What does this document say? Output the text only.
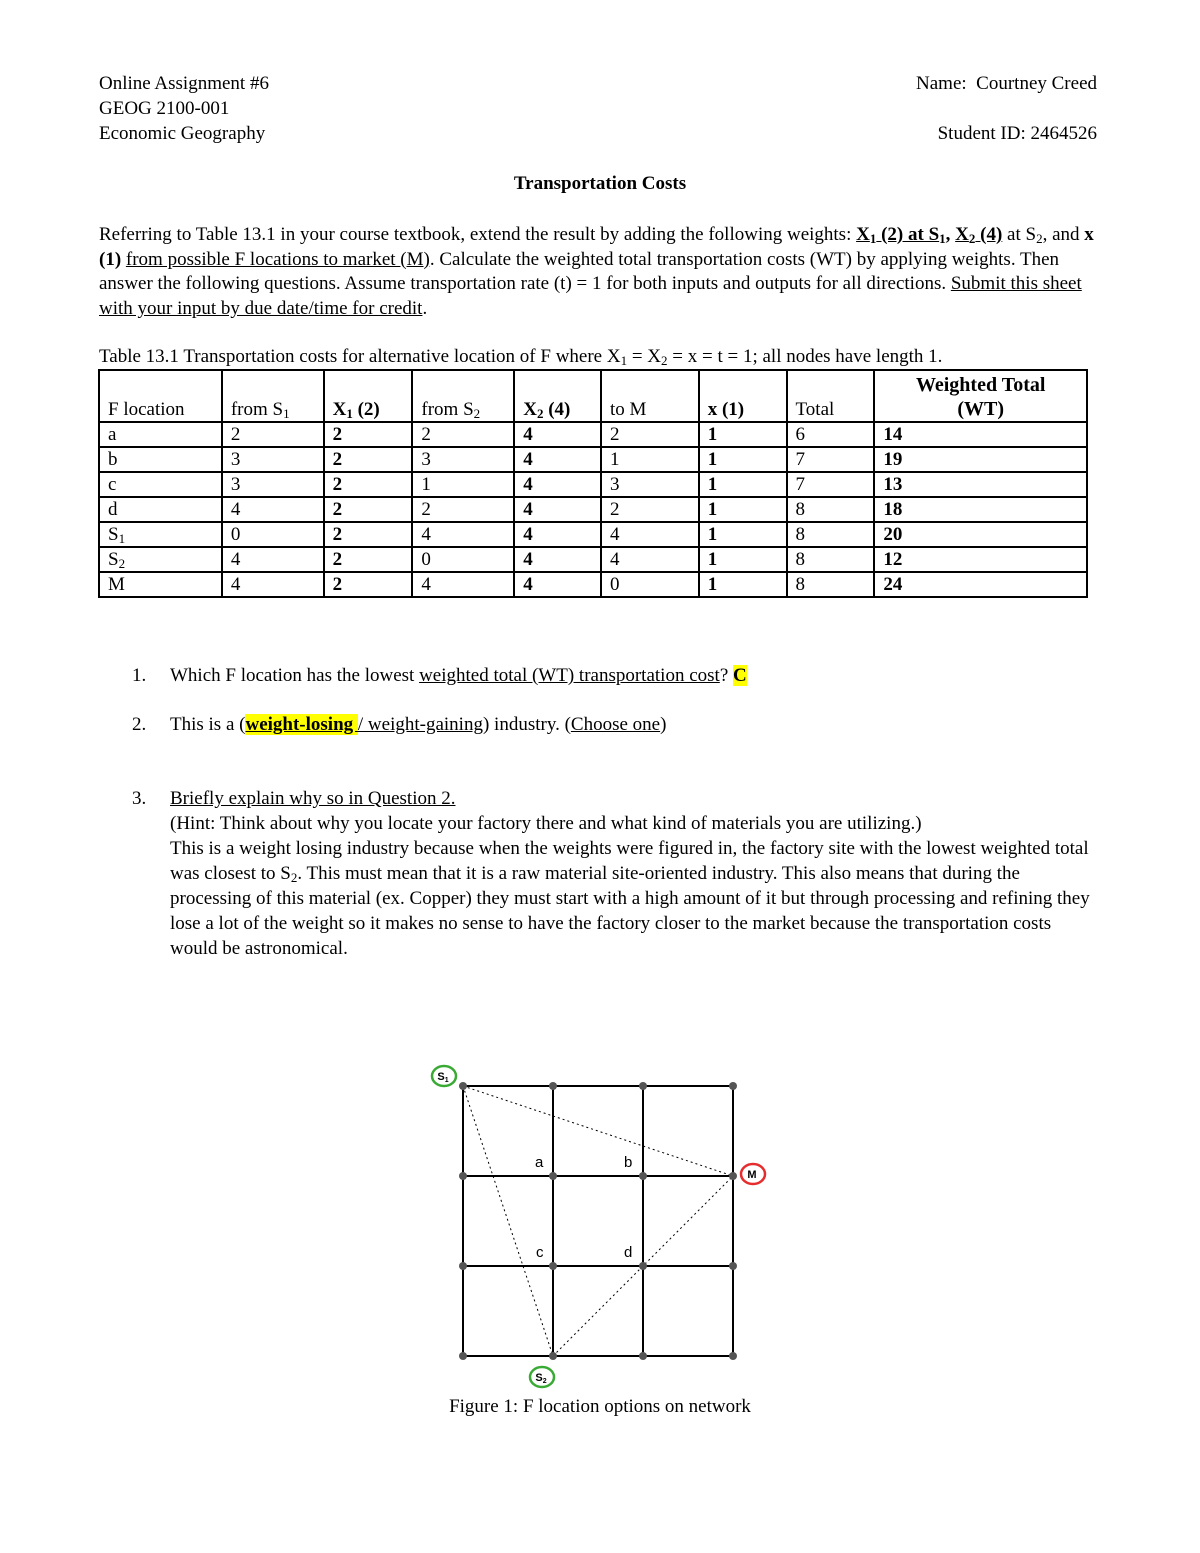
Online Assignment #6
GEOG 2100-001
Economic Geography
Name: Courtney Creed
Student ID: 2464526
Transportation Costs
Referring to Table 13.1 in your course textbook, extend the result by adding the following weights: $X_1$ (2) at $S_1$, $X_2$ (4) at $S_2$, and x (1) from possible F locations to market (M). Calculate the weighted total transportation costs (WT) by applying weights. Then answer the following questions. Assume transportation rate (t) = 1 for both inputs and outputs for all directions. Submit this sheet with your input by due date/time for credit.
Table 13.1 Transportation costs for alternative location of F where $X_1 = X_2 = x = t = 1$; all nodes have length 1.
F location	from $S_1$	$X_1$ (2)	from $S_2$	$X_2$ (4)	to M	x (1)	Total	Weighted Total
(WT)
a	2	2	2	4	2	1	6	14
b	3	2	3	4	1	1	7	19
c	3	2	1	4	3	1	7	13
d	4	2	2	4	2	1	8	18
$S_1$	0	2	4	4	4	1	8	20
$S_2$	4	2	0	4	4	1	8	12
M	4	2	4	4	0	1	8	24
1. Which F location has the lowest weighted total (WT) transportation cost? C
2. This is a (weight-losing / weight-gaining) industry. (Choose one)
3. Briefly explain why so in Question 2.
(Hint: Think about why you locate your factory there and what kind of materials you are utilizing.)
This is a weight losing industry because when the weights were figured in, the factory site with the lowest weighted total was closest to $S_2$. This must mean that it is a raw material site-oriented industry. This also means that during the processing of this material (ex. Copper) they must start with a high amount of it but through processing and refining they lose a lot of the weight so it makes no sense to have the factory closer to the market because the transportation costs would be astronomical.
S1
S2
M
a	b
c	d
Figure 1: F location options on network
